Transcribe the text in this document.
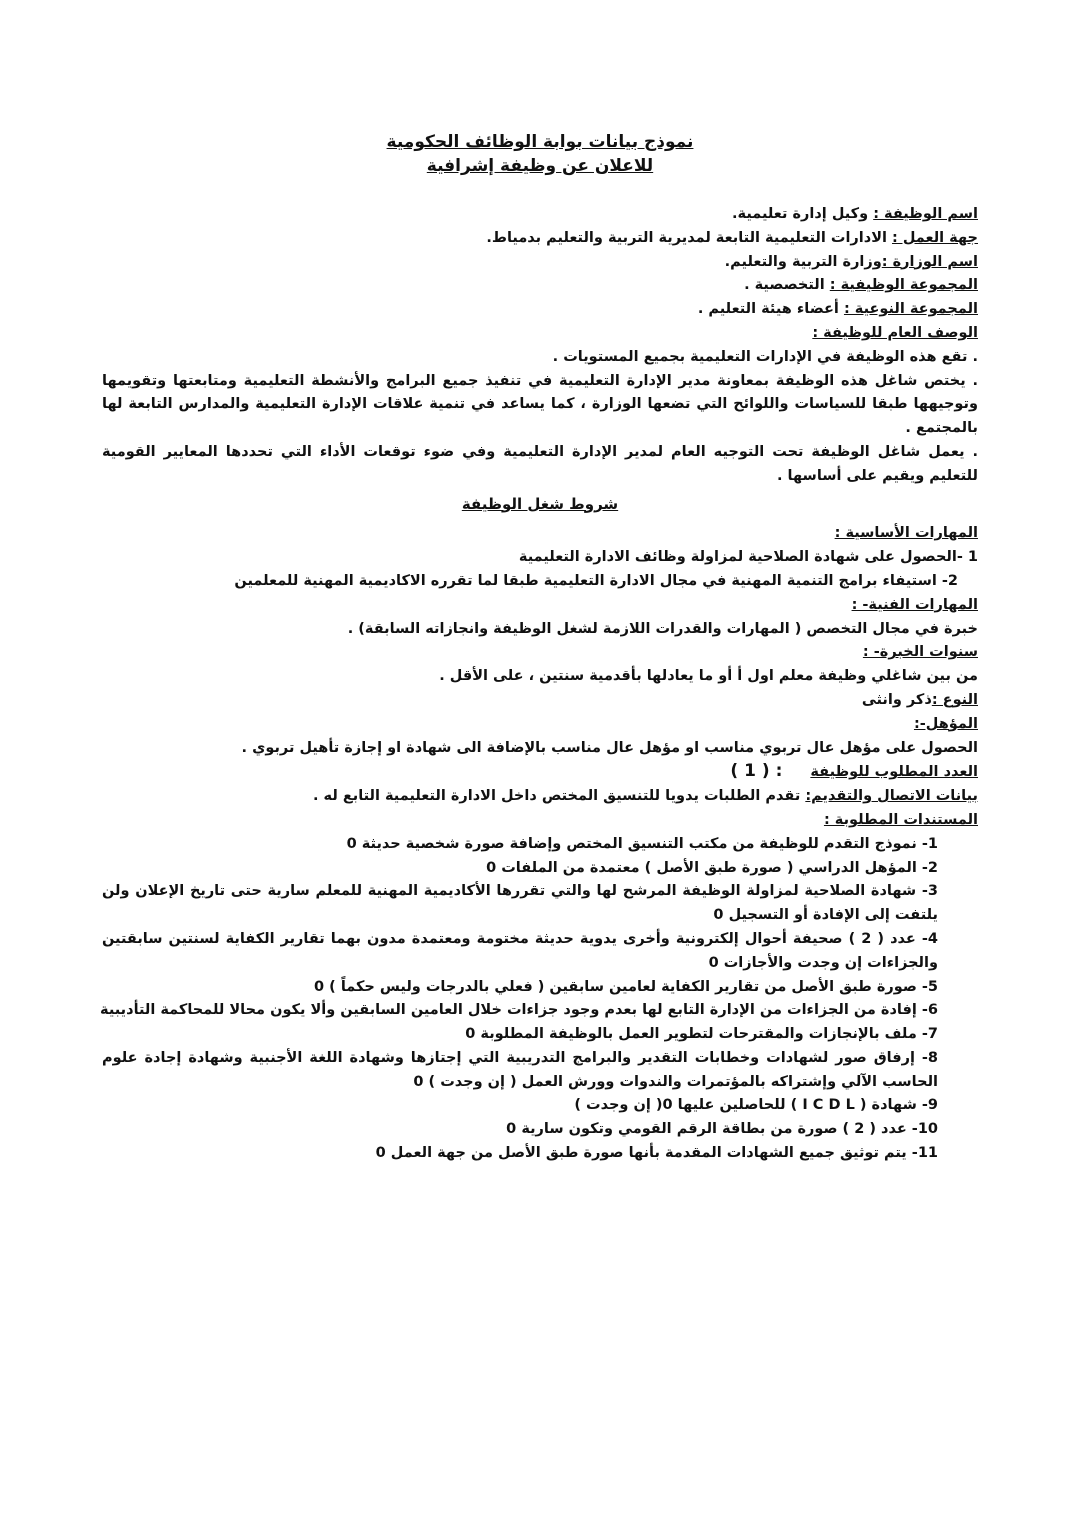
نموذج بيانات بوابة الوظائف الحكومية

للاعلان عن وظيفة إشرافية

اسم الوظيفة : وكيل إدارة تعليمية.

جهة العمل : الادارات التعليمية التابعة لمديرية التربية والتعليم بدمياط.

اسم الوزارة :وزارة التربية والتعليم.

المجموعة الوظيفية : التخصصية .

المجموعة النوعية : أعضاء هيئة التعليم .

الوصف العام للوظيفة :

. تقع هذه الوظيفة في الإدارات التعليمية بجميع المستويات .

. يختص شاغل هذه الوظيفة بمعاونة مدير الإدارة التعليمية في تنفيذ جميع البرامج والأنشطة التعليمية ومتابعتها وتقويمها وتوجيهها طبقا للسياسات واللوائح التي تضعها الوزارة ، كما يساعد في تنمية علاقات الإدارة التعليمية والمدارس التابعة لها بالمجتمع .

. يعمل شاغل الوظيفة تحت التوجيه العام لمدير الإدارة التعليمية وفي ضوء توقعات الأداء التي تحددها المعايير القومية للتعليم ويقيم على أساسها .

شروط شغل الوظيفة

المهارات الأساسية :

1 -الحصول على شهادة الصلاحية لمزاولة وظائف الادارة التعليمية

2- استيفاء برامج التنمية المهنية في مجال الادارة التعليمية طبقا لما تقرره الاكاديمية المهنية للمعلمين

المهارات الفنية- :

خبرة في مجال التخصص ( المهارات والقدرات اللازمة لشغل الوظيفة وانجازاته السابقة) .

سنوات الخبرة- :

من بين شاغلي وظيفة معلم اول أ أو ما يعادلها بأقدمية سنتين ، على الأقل .

النوع :ذكر وانثى

المؤهل-:

الحصول على مؤهل عال تربوي مناسب او مؤهل عال مناسب بالإضافة الى شهادة او إجازة تأهيل تربوي .

العدد المطلوب للوظيفة: ( 1 )

بيانات الاتصال والتقديم: تقدم الطلبات يدويا للتنسيق المختص داخل الادارة التعليمية التابع له .

المستندات المطلوبة :

1- نموذج التقدم للوظيفة من مكتب التنسيق المختص وإضافة صورة شخصية حديثة 0

2- المؤهل الدراسي ( صورة طبق الأصل ) معتمدة من الملفات 0

3- شهادة الصلاحية لمزاولة الوظيفة المرشح لها والتي تقررها الأكاديمية المهنية للمعلم سارية حتى تاريخ الإعلان ولن يلتفت إلى الإفادة أو التسجيل 0

4- عدد ( 2 ) صحيفة أحوال إلكترونية وأخرى يدوية حديثة مختومة ومعتمدة مدون بهما تقارير الكفاية لسنتين سابقتين والجزاءات إن وجدت والأجازات 0

5- صورة طبق الأصل من تقارير الكفاية لعامين سابقين ( فعلي بالدرجات وليس حكماً ) 0

6- إفادة من الجزاءات من الإدارة التابع لها بعدم وجود جزاءات خلال العامين السابقين وألا يكون محالا للمحاكمة التأديبية

7- ملف بالإنجازات والمقترحات لتطوير العمل بالوظيفة المطلوبة 0

8- إرفاق صور لشهادات وخطابات التقدير والبرامج التدريبية التي إجتازها وشهادة اللغة الأجنبية وشهادة إجادة علوم الحاسب الآلي وإشتراكه بالمؤتمرات والندوات وورش العمل ( إن وجدت ) 0

9- شهادة ( I C D L ) للحاصلين عليها 0( إن وجدت )

10- عدد ( 2 ) صورة من بطاقة الرقم القومي وتكون سارية 0

11- يتم توثيق جميع الشهادات المقدمة بأنها صورة طبق الأصل من جهة العمل 0
